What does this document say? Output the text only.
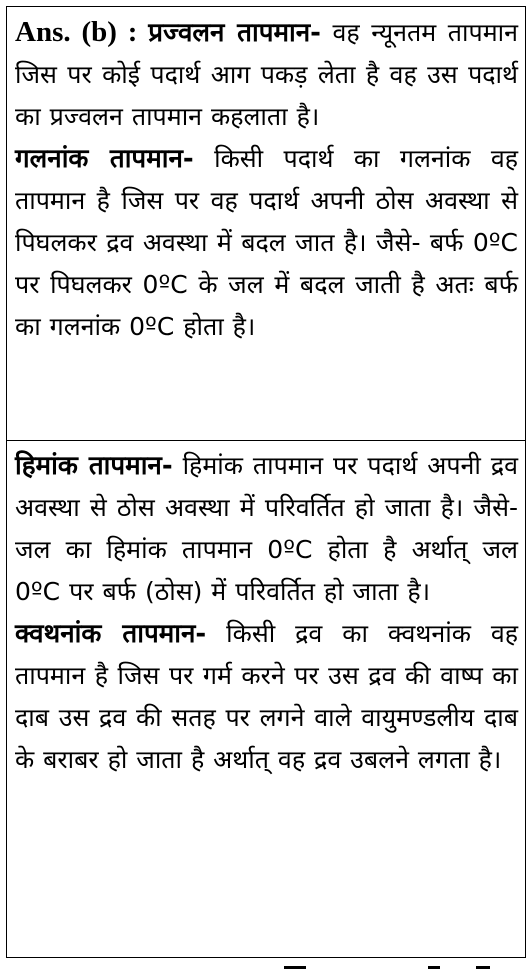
Ans. (b) : प्रज्वलन तापमान- वह न्यूनतम तापमान जिस पर कोई पदार्थ आग पकड़ लेता है वह उस पदार्थ का प्रज्वलन तापमान कहलाता है।

गलनांक तापमान- किसी पदार्थ का गलनांक वह तापमान है जिस पर वह पदार्थ अपनी ठोस अवस्था से पिघलकर द्रव अवस्था में बदल जात है। जैसे- बर्फ 0ºC पर पिघलकर 0ºC के जल में बदल जाती है अतः बर्फ का गलनांक 0ºC होता है।

हिमांक तापमान- हिमांक तापमान पर पदार्थ अपनी द्रव अवस्था से ठोस अवस्था में परिवर्तित हो जाता है। जैसे-जल का हिमांक तापमान 0ºC होता है अर्थात् जल 0ºC पर बर्फ (ठोस) में परिवर्तित हो जाता है।

क्वथनांक तापमान- किसी द्रव का क्वथनांक वह तापमान है जिस पर गर्म करने पर उस द्रव की वाष्प का दाब उस द्रव की सतह पर लगने वाले वायुमण्डलीय दाब के बराबर हो जाता है अर्थात् वह द्रव उबलने लगता है।
